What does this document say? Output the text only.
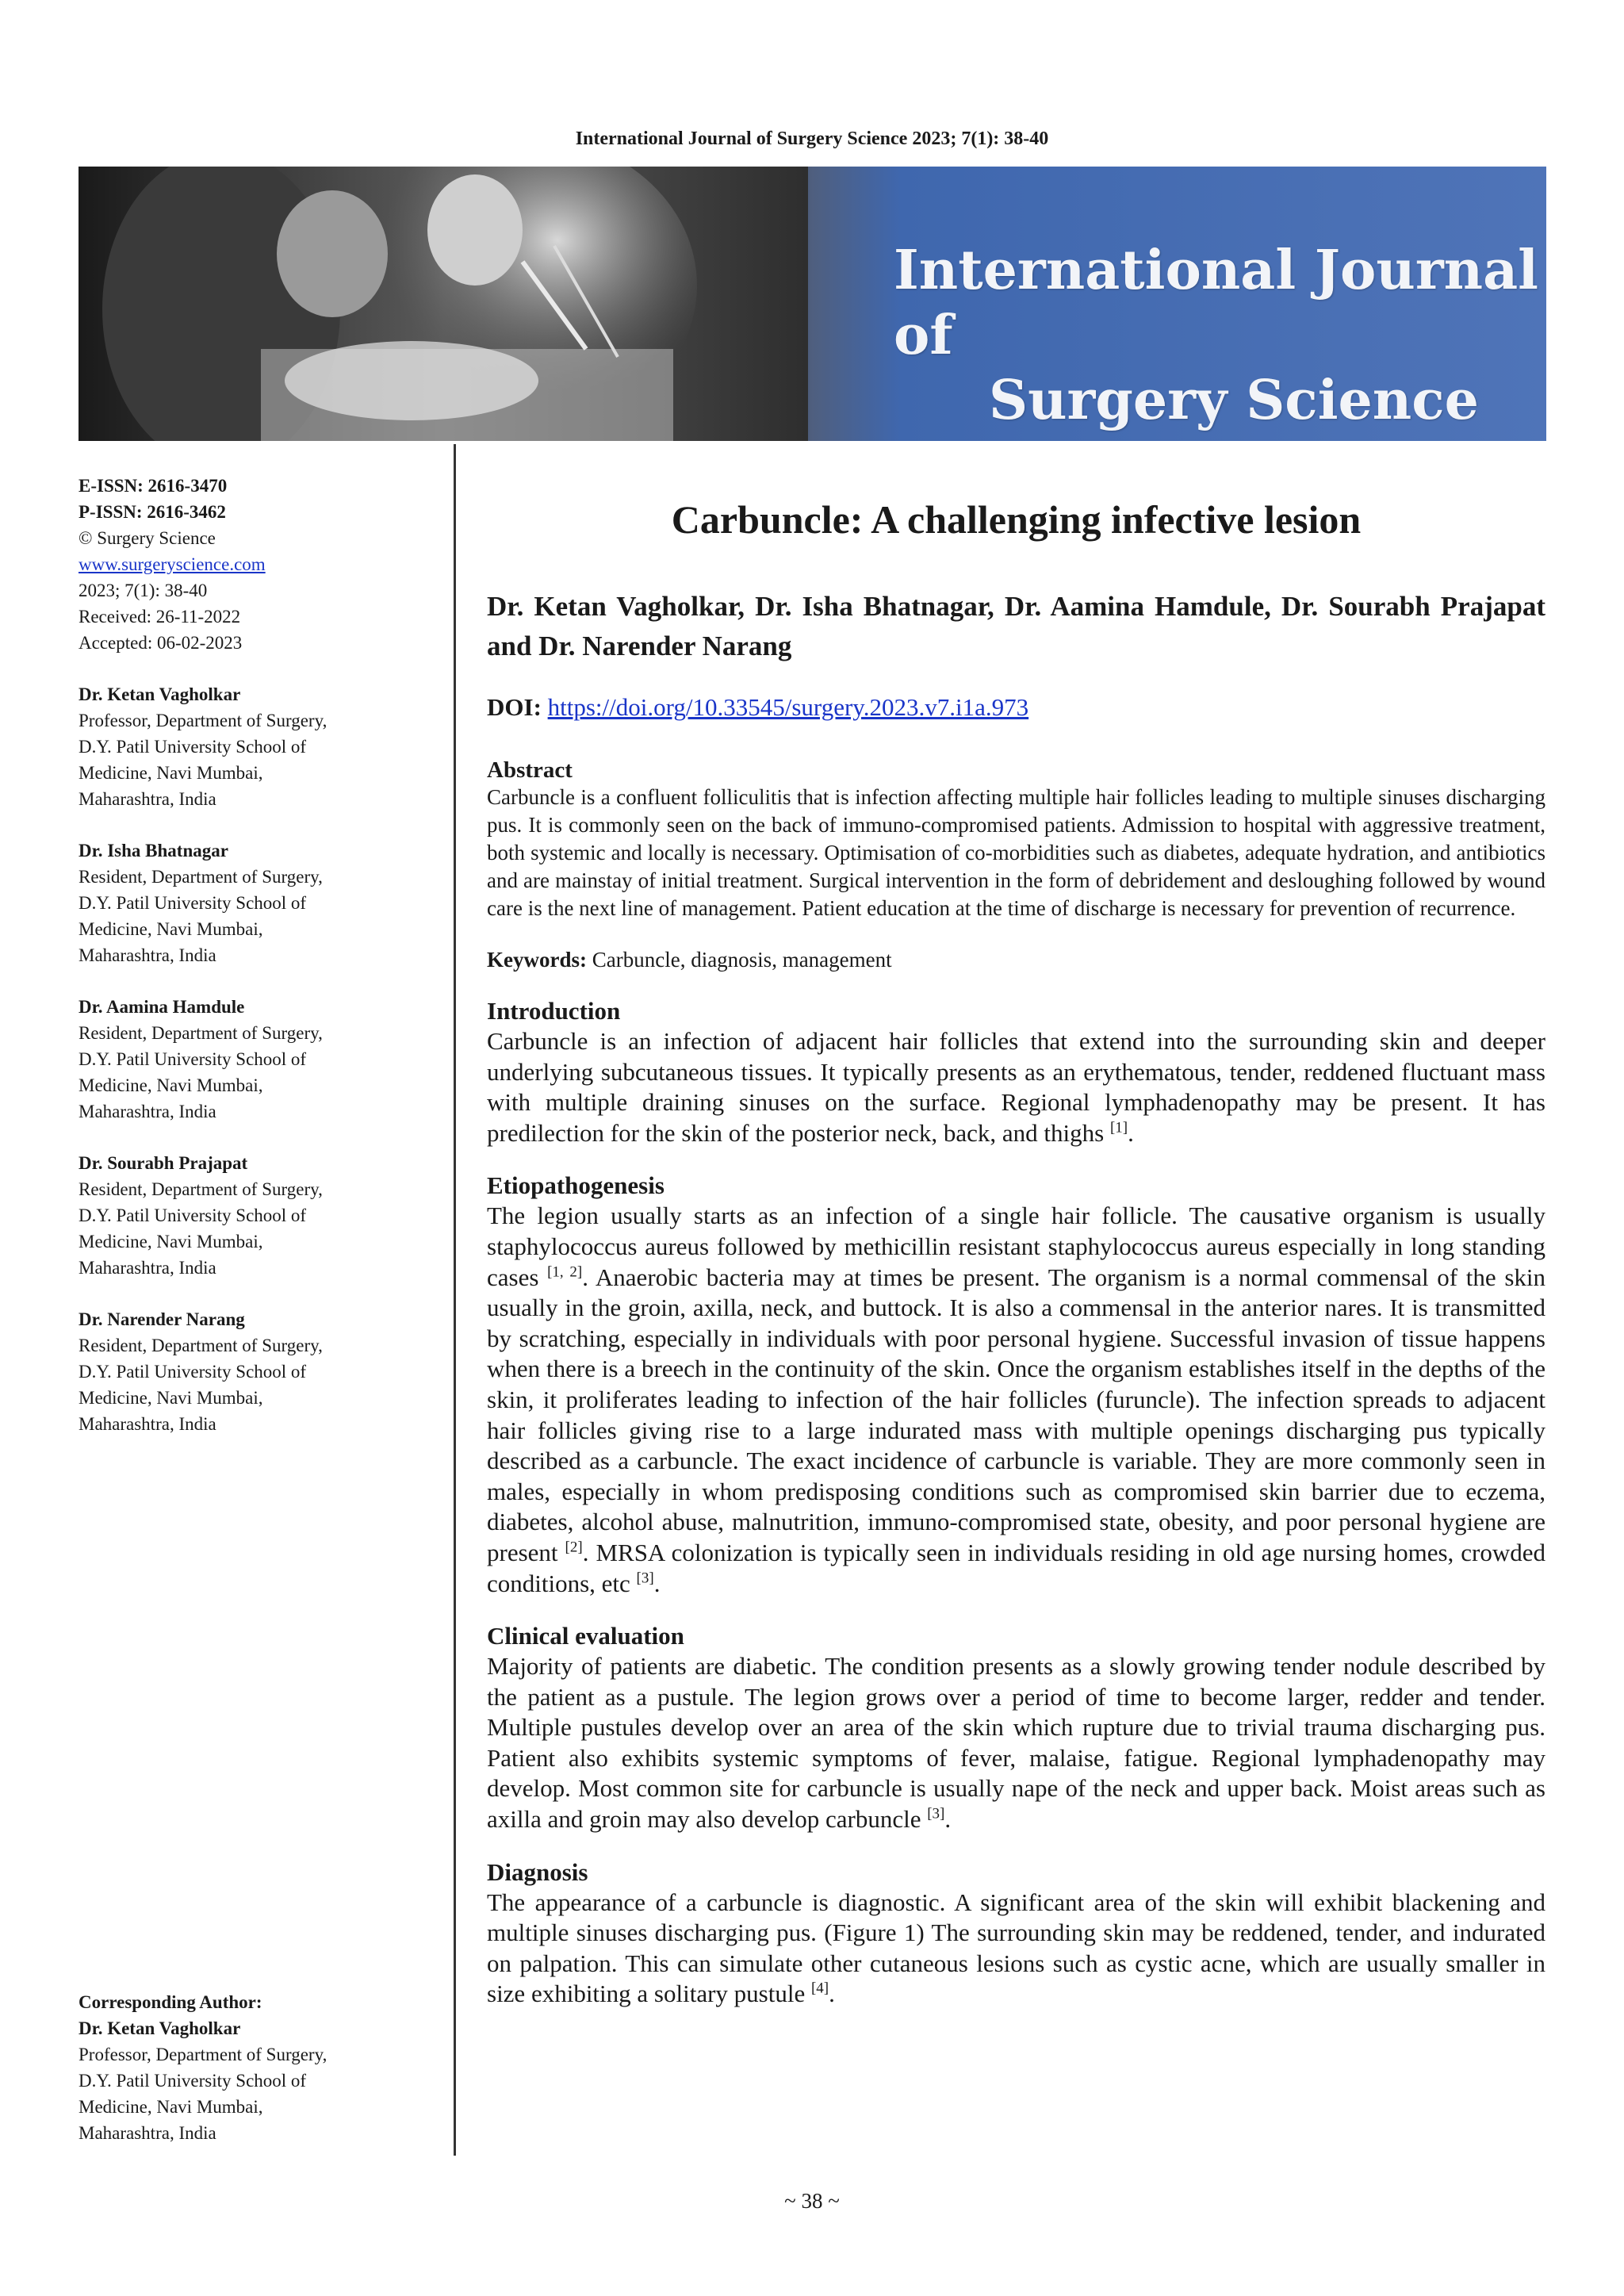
International Journal of Surgery Science 2023; 7(1): 38-40
International Journal of
Surgery Science
E-ISSN: 2616-3470
P-ISSN: 2616-3462
© Surgery Science
www.surgeryscience.com
2023; 7(1): 38-40
Received: 26-11-2022
Accepted: 06-02-2023
Dr. Ketan Vagholkar
Professor, Department of Surgery,
D.Y. Patil University School of
Medicine, Navi Mumbai,
Maharashtra, India
Dr. Isha Bhatnagar
Resident, Department of Surgery,
D.Y. Patil University School of
Medicine, Navi Mumbai,
Maharashtra, India
Dr. Aamina Hamdule
Resident, Department of Surgery,
D.Y. Patil University School of
Medicine, Navi Mumbai,
Maharashtra, India
Dr. Sourabh Prajapat
Resident, Department of Surgery,
D.Y. Patil University School of
Medicine, Navi Mumbai,
Maharashtra, India
Dr. Narender Narang
Resident, Department of Surgery,
D.Y. Patil University School of
Medicine, Navi Mumbai,
Maharashtra, India
Corresponding Author:
Dr. Ketan Vagholkar
Professor, Department of Surgery,
D.Y. Patil University School of
Medicine, Navi Mumbai,
Maharashtra, India
Carbuncle: A challenging infective lesion
Dr. Ketan Vagholkar, Dr. Isha Bhatnagar, Dr. Aamina Hamdule, Dr. Sourabh Prajapat and Dr. Narender Narang
DOI: https://doi.org/10.33545/surgery.2023.v7.i1a.973
Abstract

Carbuncle is a confluent folliculitis that is infection affecting multiple hair follicles leading to multiple sinuses discharging pus. It is commonly seen on the back of immuno-compromised patients. Admission to hospital with aggressive treatment, both systemic and locally is necessary. Optimisation of co-morbidities such as diabetes, adequate hydration, and antibiotics and are mainstay of initial treatment. Surgical intervention in the form of debridement and desloughing followed by wound care is the next line of management. Patient education at the time of discharge is necessary for prevention of recurrence.

Keywords: Carbuncle, diagnosis, management
Introduction

Carbuncle is an infection of adjacent hair follicles that extend into the surrounding skin and deeper underlying subcutaneous tissues. It typically presents as an erythematous, tender, reddened fluctuant mass with multiple draining sinuses on the surface. Regional lymphadenopathy may be present. It has predilection for the skin of the posterior neck, back, and thighs [1].

Etiopathogenesis

The legion usually starts as an infection of a single hair follicle. The causative organism is usually staphylococcus aureus followed by methicillin resistant staphylococcus aureus especially in long standing cases [1, 2]. Anaerobic bacteria may at times be present. The organism is a normal commensal of the skin usually in the groin, axilla, neck, and buttock. It is also a commensal in the anterior nares. It is transmitted by scratching, especially in individuals with poor personal hygiene. Successful invasion of tissue happens when there is a breech in the continuity of the skin. Once the organism establishes itself in the depths of the skin, it proliferates leading to infection of the hair follicles (furuncle). The infection spreads to adjacent hair follicles giving rise to a large indurated mass with multiple openings discharging pus typically described as a carbuncle. The exact incidence of carbuncle is variable. They are more commonly seen in males, especially in whom predisposing conditions such as compromised skin barrier due to eczema, diabetes, alcohol abuse, malnutrition, immuno-compromised state, obesity, and poor personal hygiene are present [2]. MRSA colonization is typically seen in individuals residing in old age nursing homes, crowded conditions, etc [3].

Clinical evaluation

Majority of patients are diabetic. The condition presents as a slowly growing tender nodule described by the patient as a pustule. The legion grows over a period of time to become larger, redder and tender. Multiple pustules develop over an area of the skin which rupture due to trivial trauma discharging pus. Patient also exhibits systemic symptoms of fever, malaise, fatigue. Regional lymphadenopathy may develop. Most common site for carbuncle is usually nape of the neck and upper back. Moist areas such as axilla and groin may also develop carbuncle [3].

Diagnosis

The appearance of a carbuncle is diagnostic. A significant area of the skin will exhibit blackening and multiple sinuses discharging pus. (Figure 1) The surrounding skin may be reddened, tender, and indurated on palpation. This can simulate other cutaneous lesions such as cystic acne, which are usually smaller in size exhibiting a solitary pustule [4].

~ 38 ~
